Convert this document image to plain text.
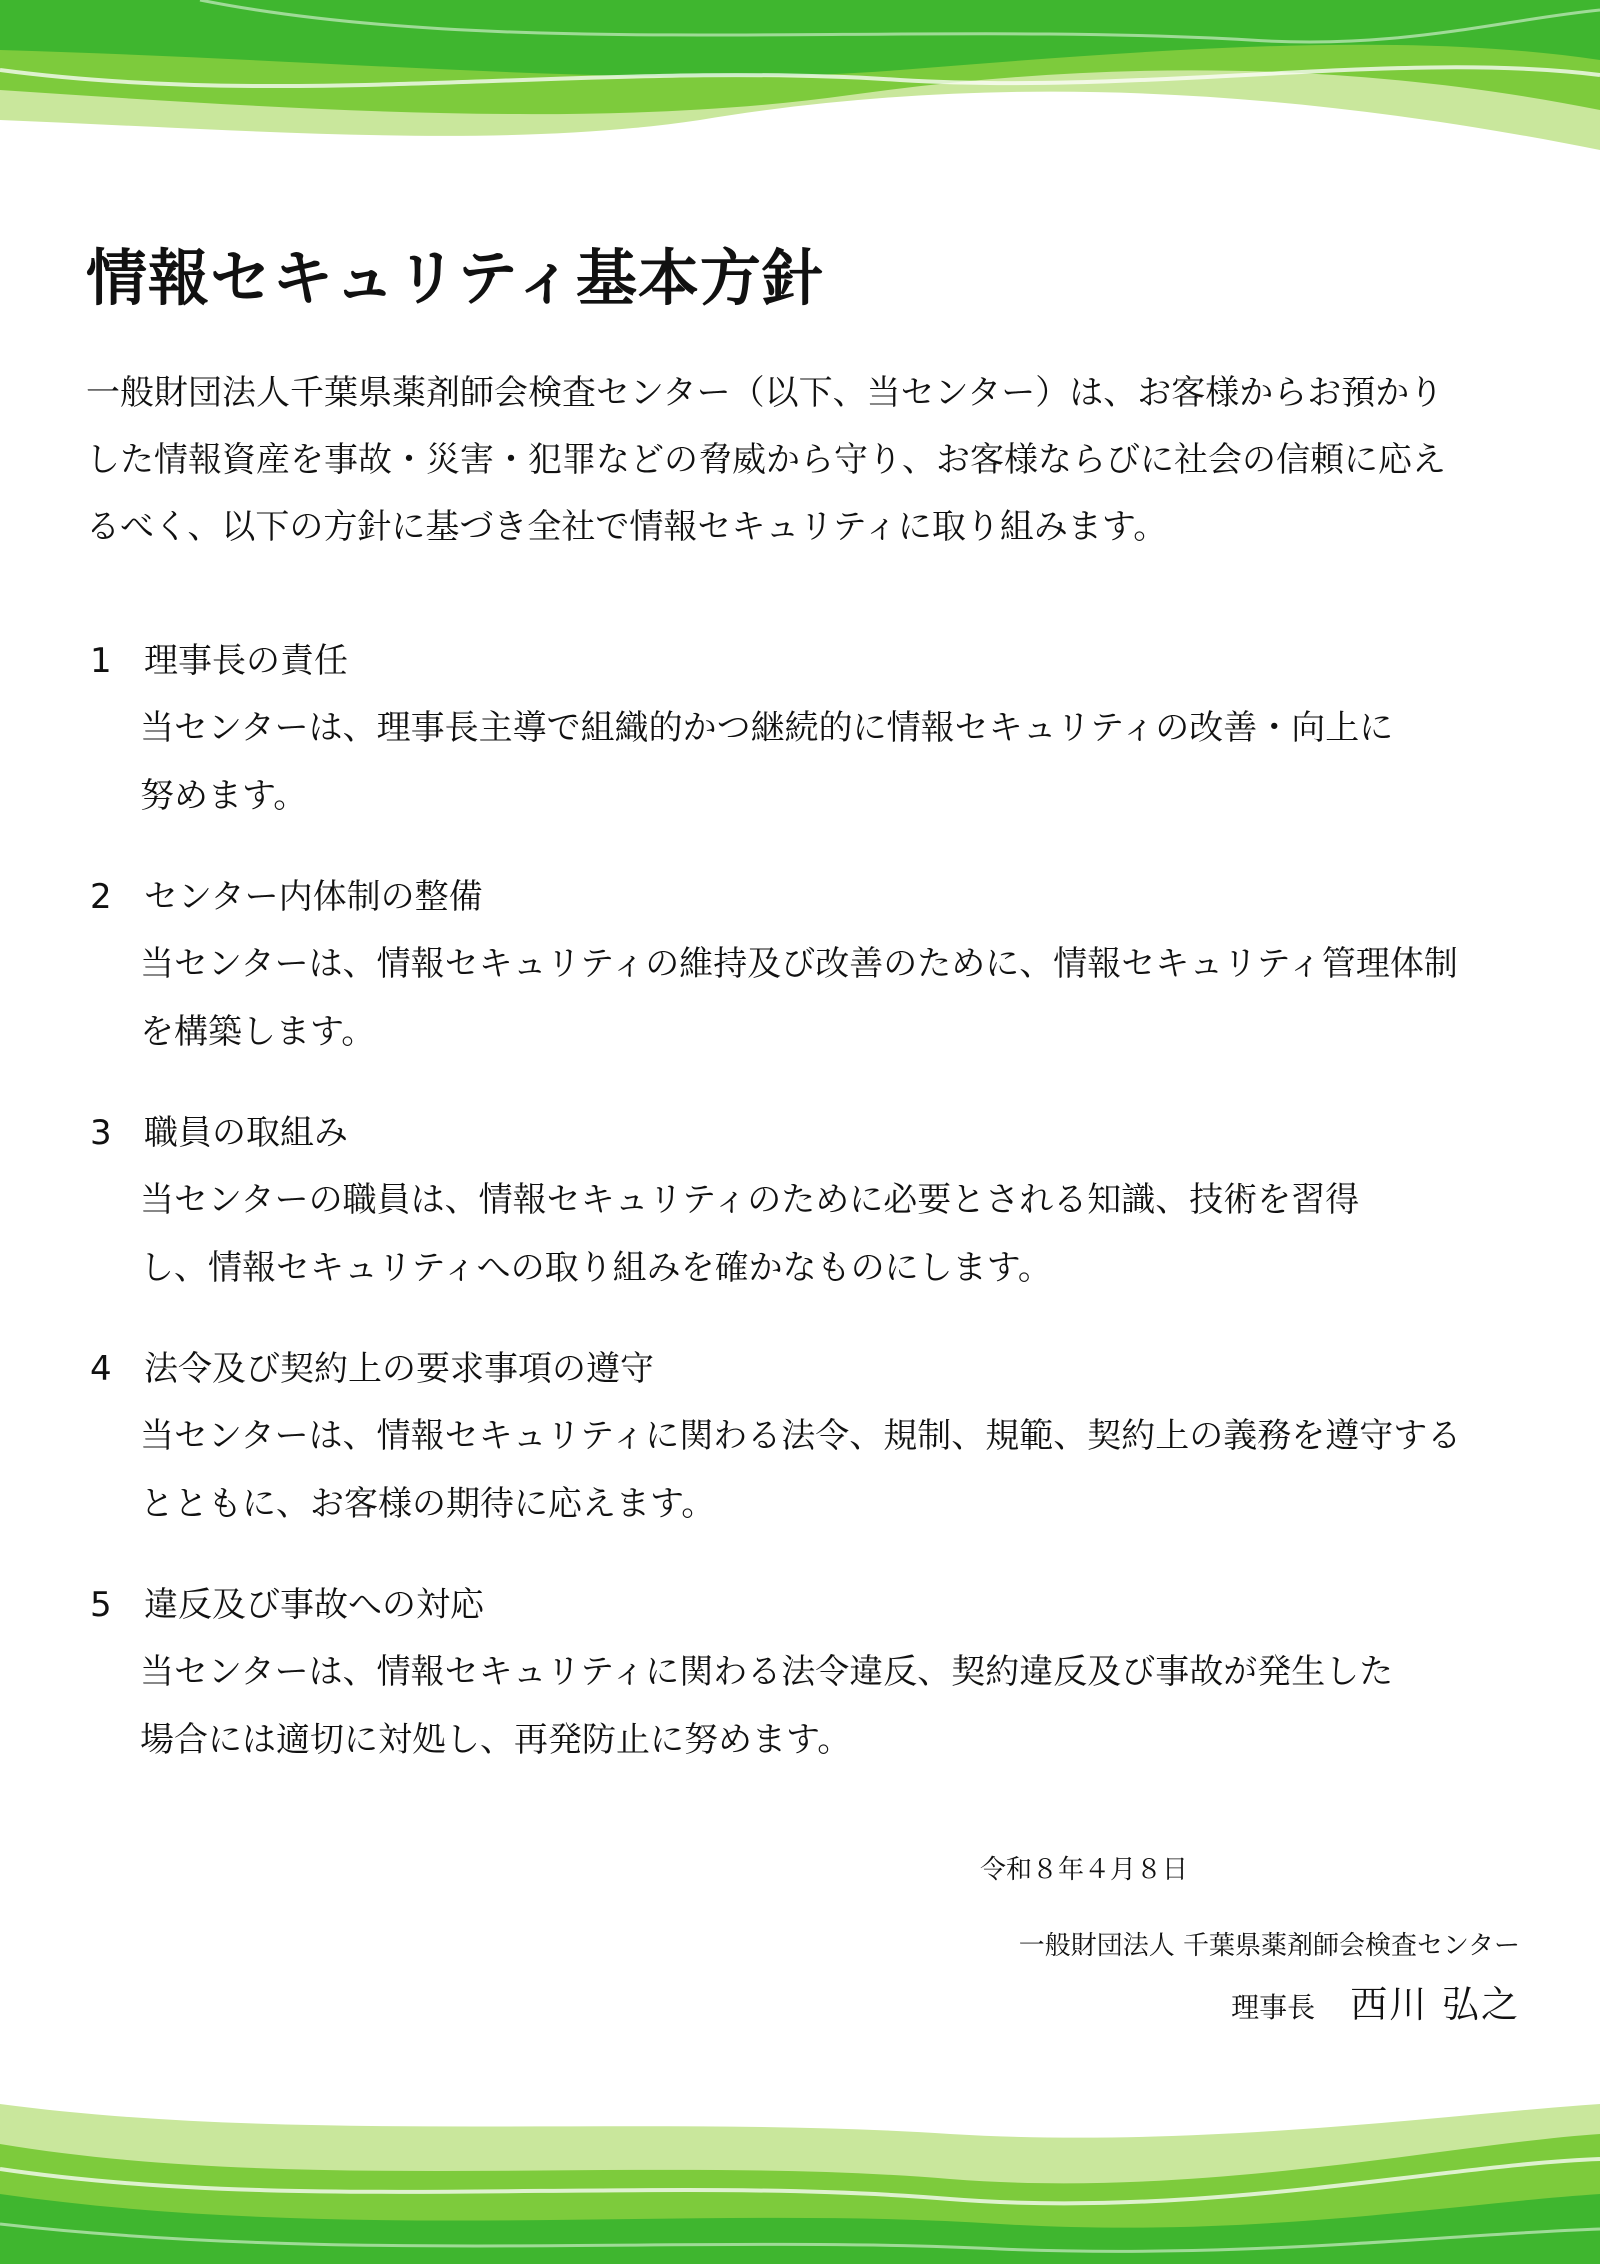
情報セキュリティ基本方針

一般財団法人千葉県薬剤師会検査センター（以下、当センター）は、お客様からお預かり
した情報資産を事故・災害・犯罪などの脅威から守り、お客様ならびに社会の信頼に応え
るべく、以下の方針に基づき全社で情報セキュリティに取り組みます。

1 理事長の責任
当センターは、理事長主導で組織的かつ継続的に情報セキュリティの改善・向上に
努めます。
2 センター内体制の整備
当センターは、情報セキュリティの維持及び改善のために、情報セキュリティ管理体制
を構築します。
3 職員の取組み
当センターの職員は、情報セキュリティのために必要とされる知識、技術を習得
し、情報セキュリティへの取り組みを確かなものにします。
4 法令及び契約上の要求事項の遵守
当センターは、情報セキュリティに関わる法令、規制、規範、契約上の義務を遵守する
とともに、お客様の期待に応えます。
5 違反及び事故への対応
当センターは、情報セキュリティに関わる法令違反、契約違反及び事故が発生した
場合には適切に対処し、再発防止に努めます。
令和８年４月８日
一般財団法人 千葉県薬剤師会検査センター
理事長 西川 弘之
